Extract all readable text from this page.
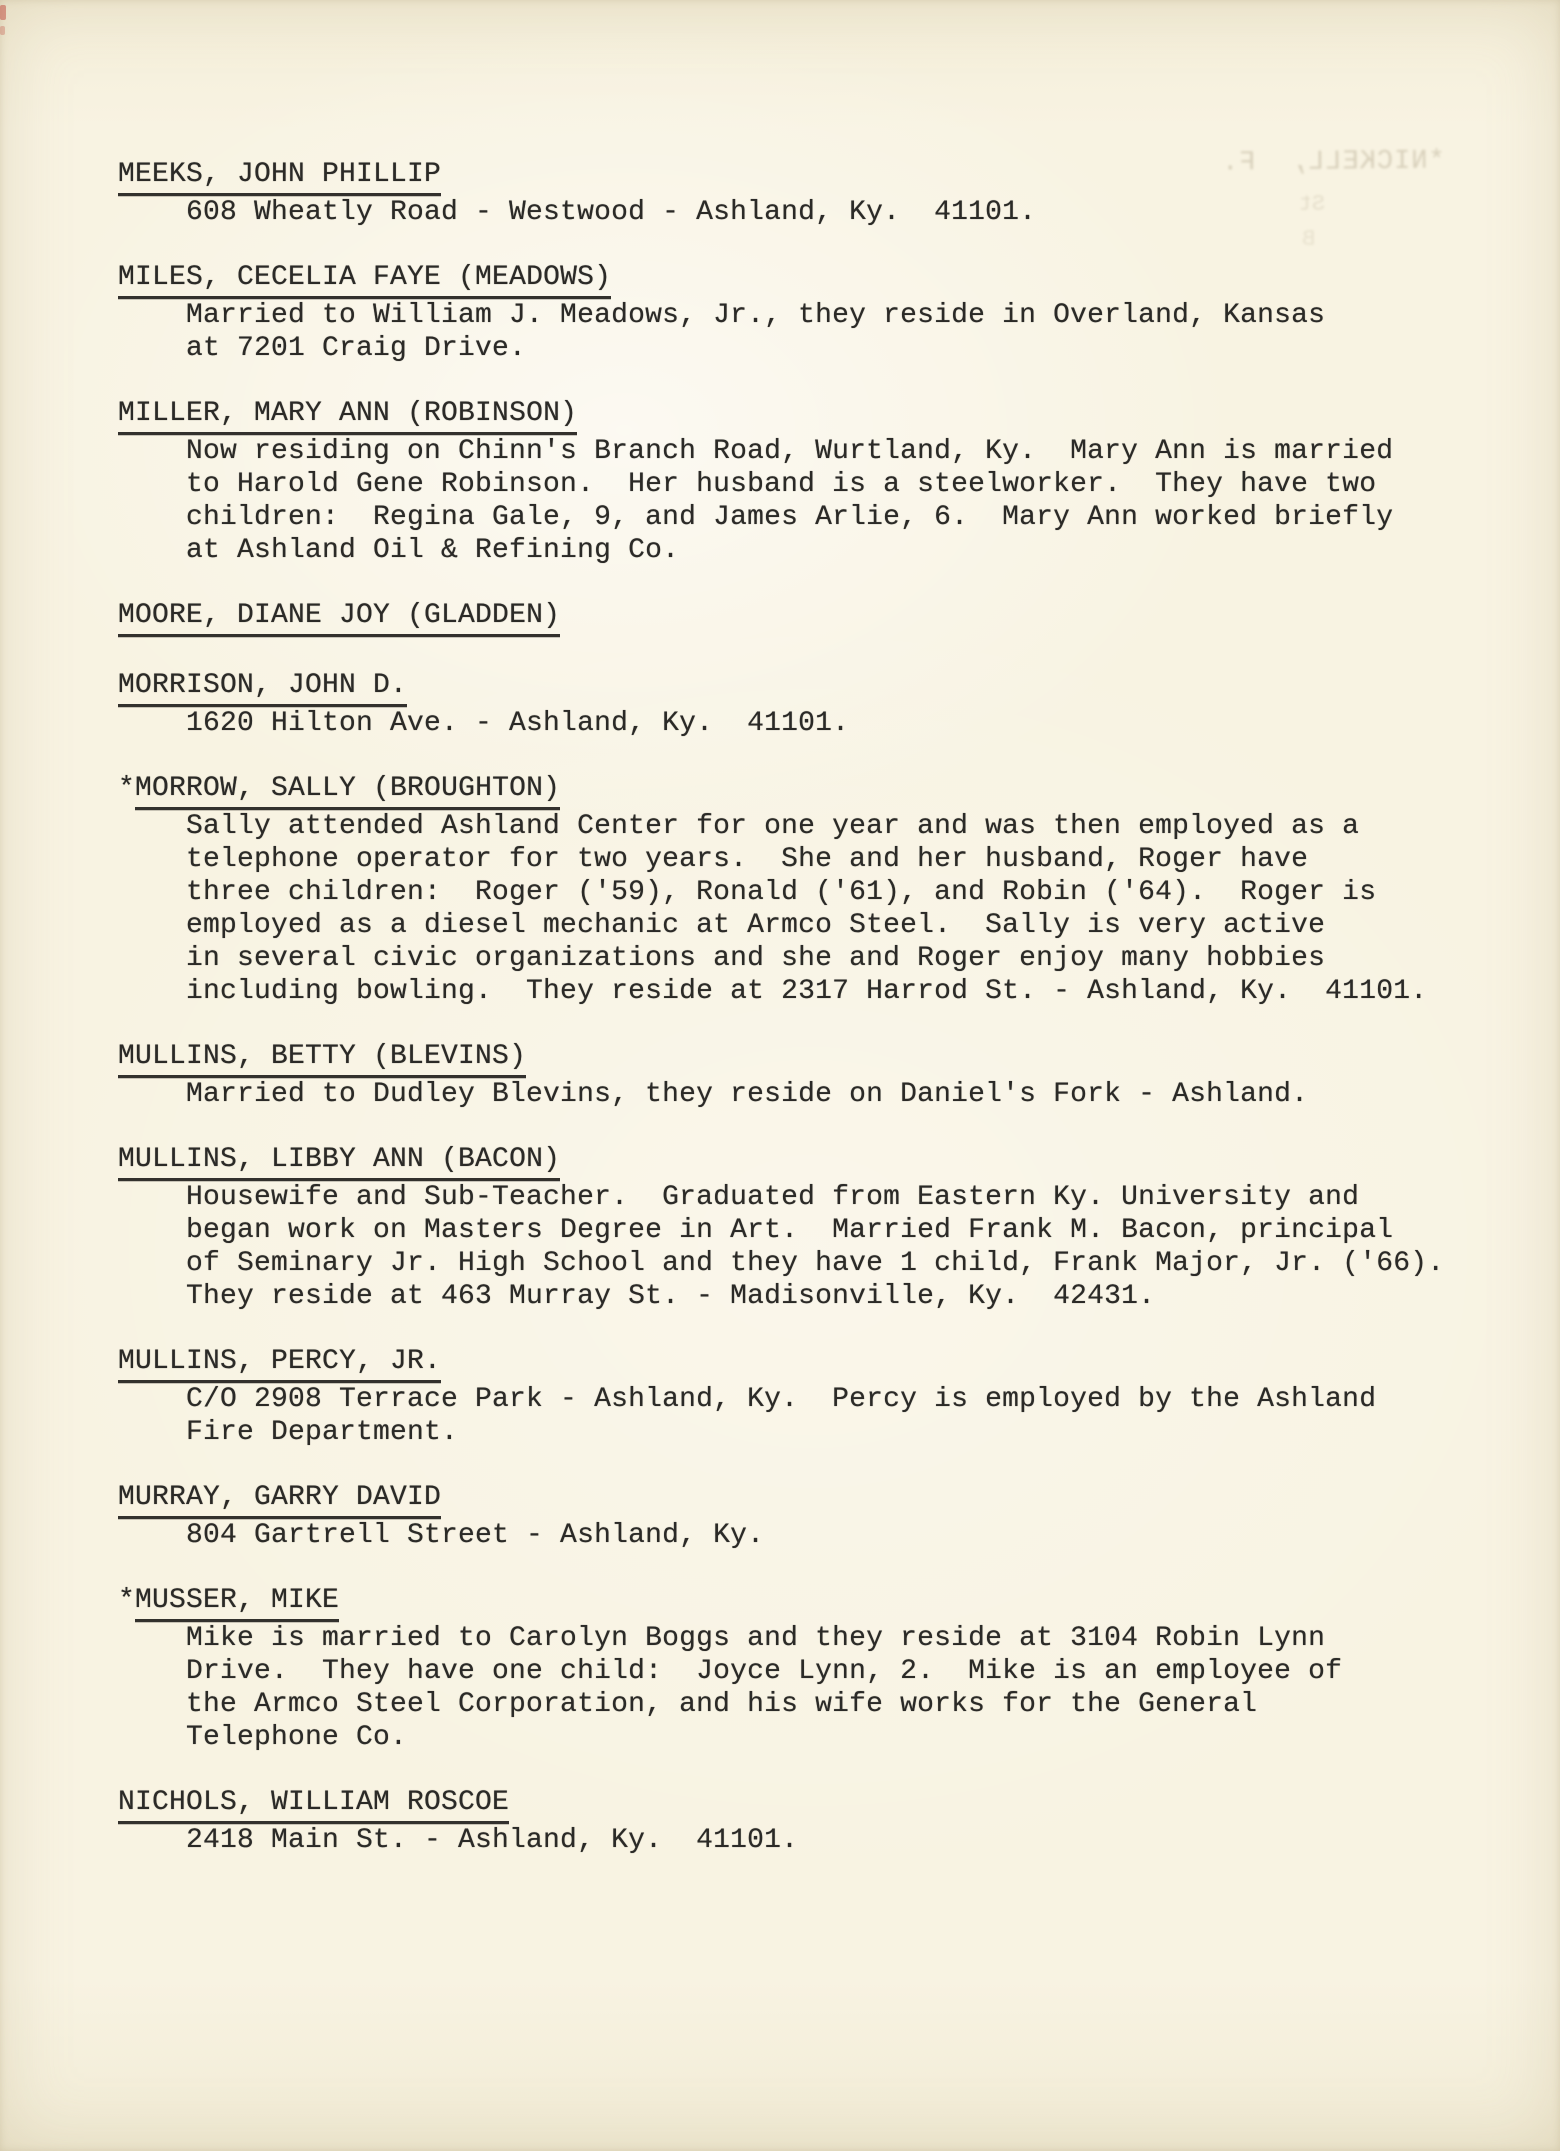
*NICKELL,  F.
St
B
MEEKS, JOHN PHILLIP
608 Wheatly Road - Westwood - Ashland, Ky.  41101.
MILES, CECELIA FAYE (MEADOWS)
Married to William J. Meadows, Jr., they reside in Overland, Kansas
at 7201 Craig Drive.
MILLER, MARY ANN (ROBINSON)
Now residing on Chinn's Branch Road, Wurtland, Ky.  Mary Ann is married
to Harold Gene Robinson.  Her husband is a steelworker.  They have two
children:  Regina Gale, 9, and James Arlie, 6.  Mary Ann worked briefly
at Ashland Oil & Refining Co.
MOORE, DIANE JOY (GLADDEN)
MORRISON, JOHN D.
1620 Hilton Ave. - Ashland, Ky.  41101.
*MORROW, SALLY (BROUGHTON)
Sally attended Ashland Center for one year and was then employed as a
telephone operator for two years.  She and her husband, Roger have
three children:  Roger ('59), Ronald ('61), and Robin ('64).  Roger is
employed as a diesel mechanic at Armco Steel.  Sally is very active
in several civic organizations and she and Roger enjoy many hobbies
including bowling.  They reside at 2317 Harrod St. - Ashland, Ky.  41101.
MULLINS, BETTY (BLEVINS)
Married to Dudley Blevins, they reside on Daniel's Fork - Ashland.
MULLINS, LIBBY ANN (BACON)
Housewife and Sub-Teacher.  Graduated from Eastern Ky. University and
began work on Masters Degree in Art.  Married Frank M. Bacon, principal
of Seminary Jr. High School and they have 1 child, Frank Major, Jr. ('66).
They reside at 463 Murray St. - Madisonville, Ky.  42431.
MULLINS, PERCY, JR.
C/O 2908 Terrace Park - Ashland, Ky.  Percy is employed by the Ashland
Fire Department.
MURRAY, GARRY DAVID
804 Gartrell Street - Ashland, Ky.
*MUSSER, MIKE
Mike is married to Carolyn Boggs and they reside at 3104 Robin Lynn
Drive.  They have one child:  Joyce Lynn, 2.  Mike is an employee of
the Armco Steel Corporation, and his wife works for the General
Telephone Co.
NICHOLS, WILLIAM ROSCOE
2418 Main St. - Ashland, Ky.  41101.
